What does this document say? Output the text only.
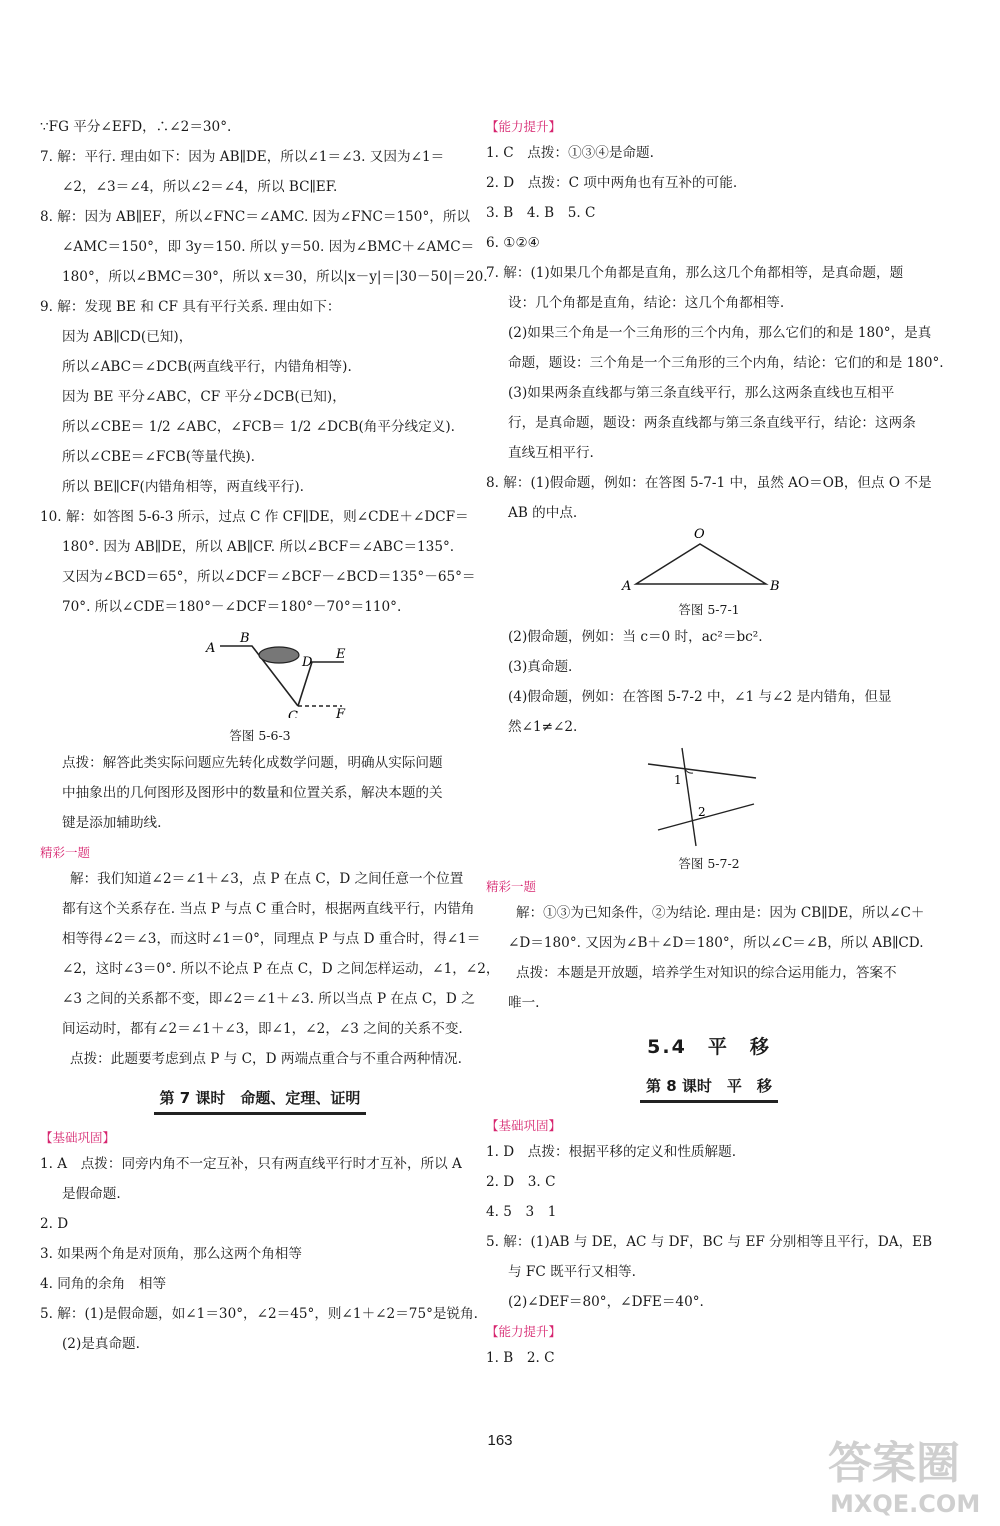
∵FG 平分∠EFD，∴∠2＝30°.

7. 解：平行. 理由如下：因为 AB∥DE，所以∠1＝∠3. 又因为∠1＝

∠2，∠3＝∠4，所以∠2＝∠4，所以 BC∥EF.

8. 解：因为 AB∥EF，所以∠FNC＝∠AMC. 因为∠FNC＝150°，所以

∠AMC＝150°，即 3y＝150. 所以 y＝50. 因为∠BMC＋∠AMC＝

180°，所以∠BMC＝30°，所以 x＝30，所以|x－y|＝|30－50|＝20.

9. 解：发现 BE 和 CF 具有平行关系. 理由如下：

因为 AB∥CD(已知)，

所以∠ABC＝∠DCB(两直线平行，内错角相等).

因为 BE 平分∠ABC，CF 平分∠DCB(已知)，

所以∠CBE＝ 1/2 ∠ABC，∠FCB＝ 1/2 ∠DCB(角平分线定义).

所以∠CBE＝∠FCB(等量代换).

所以 BE∥CF(内错角相等，两直线平行).

10. 解：如答图 5-6-3 所示，过点 C 作 CF∥DE，则∠CDE＋∠DCF＝

180°. 因为 AB∥DE，所以 AB∥CF. 所以∠BCF＝∠ABC＝135°.

又因为∠BCD＝65°，所以∠DCF＝∠BCF－∠BCD＝135°－65°＝

70°. 所以∠CDE＝180°－∠DCF＝180°－70°＝110°.

A
B
D
E
C	F
答图 5-6-3

点拨：解答此类实际问题应先转化成数学问题，明确从实际问题

中抽象出的几何图形及图形中的数量和位置关系，解决本题的关

键是添加辅助线.

精彩一题

解：我们知道∠2＝∠1＋∠3，点 P 在点 C，D 之间任意一个位置

都有这个关系存在. 当点 P 与点 C 重合时，根据两直线平行，内错角

相等得∠2＝∠3，而这时∠1＝0°，同理点 P 与点 D 重合时，得∠1＝

∠2，这时∠3＝0°. 所以不论点 P 在点 C，D 之间怎样运动，∠1，∠2，

∠3 之间的关系都不变，即∠2＝∠1＋∠3. 所以当点 P 在点 C，D 之

间运动时，都有∠2＝∠1＋∠3，即∠1，∠2，∠3 之间的关系不变.

点拨：此题要考虑到点 P 与 C，D 两端点重合与不重合两种情况.

第 7 课时　命题、定理、证明
【基础巩固】

1. A　点拨：同旁内角不一定互补，只有两直线平行时才互补，所以 A

是假命题.

2. D

3. 如果两个角是对顶角，那么这两个角相等

4. 同角的余角　相等

5. 解：(1)是假命题，如∠1＝30°，∠2＝45°，则∠1＋∠2＝75°是锐角.

(2)是真命题.

【能力提升】

1. C　点拨：①③④是命题.

2. D　点拨：C 项中两角也有互补的可能.

3. B　4. B　5. C

6. ①②④

7. 解：(1)如果几个角都是直角，那么这几个角都相等，是真命题，题

设：几个角都是直角，结论：这几个角都相等.

(2)如果三个角是一个三角形的三个内角，那么它们的和是 180°，是真

命题，题设：三个角是一个三角形的三个内角，结论：它们的和是 180°.

(3)如果两条直线都与第三条直线平行，那么这两条直线也互相平

行，是真命题，题设：两条直线都与第三条直线平行，结论：这两条

直线互相平行.

8. 解：(1)假命题，例如：在答图 5-7-1 中，虽然 AO＝OB，但点 O 不是

AB 的中点.

O
A	B
答图 5-7-1

(2)假命题，例如：当 c＝0 时，ac²＝bc².

(3)真命题.

(4)假命题，例如：在答图 5-7-2 中，∠1 与∠2 是内错角，但显

然∠1≠∠2.

1
2
答图 5-7-2
精彩一题

解：①③为已知条件，②为结论. 理由是：因为 CB∥DE，所以∠C＋

∠D＝180°. 又因为∠B＋∠D＝180°，所以∠C＝∠B，所以 AB∥CD.

点拨：本题是开放题，培养学生对知识的综合运用能力，答案不

唯一.

5.4　平　移
第 8 课时　平　移
【基础巩固】

1. D　点拨：根据平移的定义和性质解题.

2. D　3. C

4. 5　3　1

5. 解：(1)AB 与 DE，AC 与 DF，BC 与 EF 分别相等且平行，DA，EB

与 FC 既平行又相等.

(2)∠DEF＝80°，∠DFE＝40°.

【能力提升】

1. B　2. C

163	答案圈
MXQE.COM
